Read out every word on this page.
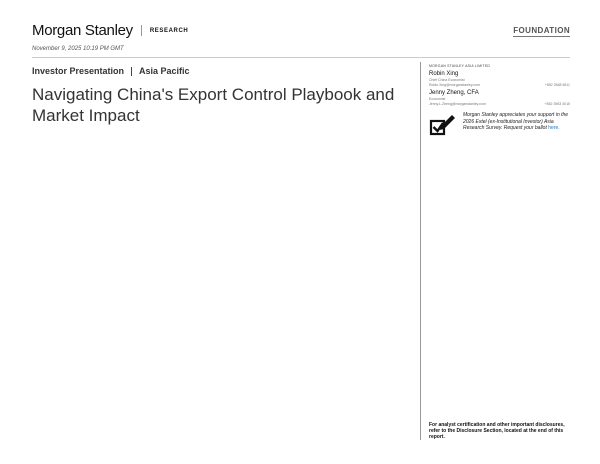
Morgan Stanley	RESEARCH	FOUNDATION
November 9, 2025 10:19 PM GMT
Investor Presentation Asia Pacific
Navigating China's Export Control Playbook and Market Impact
MORGAN STANLEY ASIA LIMITED
Robin Xing
Chief China Economist
Robin.Xing@morganstanley.com	+852 2848 6511
Jenny Zheng, CFA
Economist
Jenny.L.Zheng@morganstanley.com	+852 3963 4015
Morgan Stanley appreciates your support in the 2026 Extel (ex-Institutional Investor) Asia Research Survey. Request your ballot here.
For analyst certification and other important disclosures, refer to the Disclosure Section, located at the end of this report.
